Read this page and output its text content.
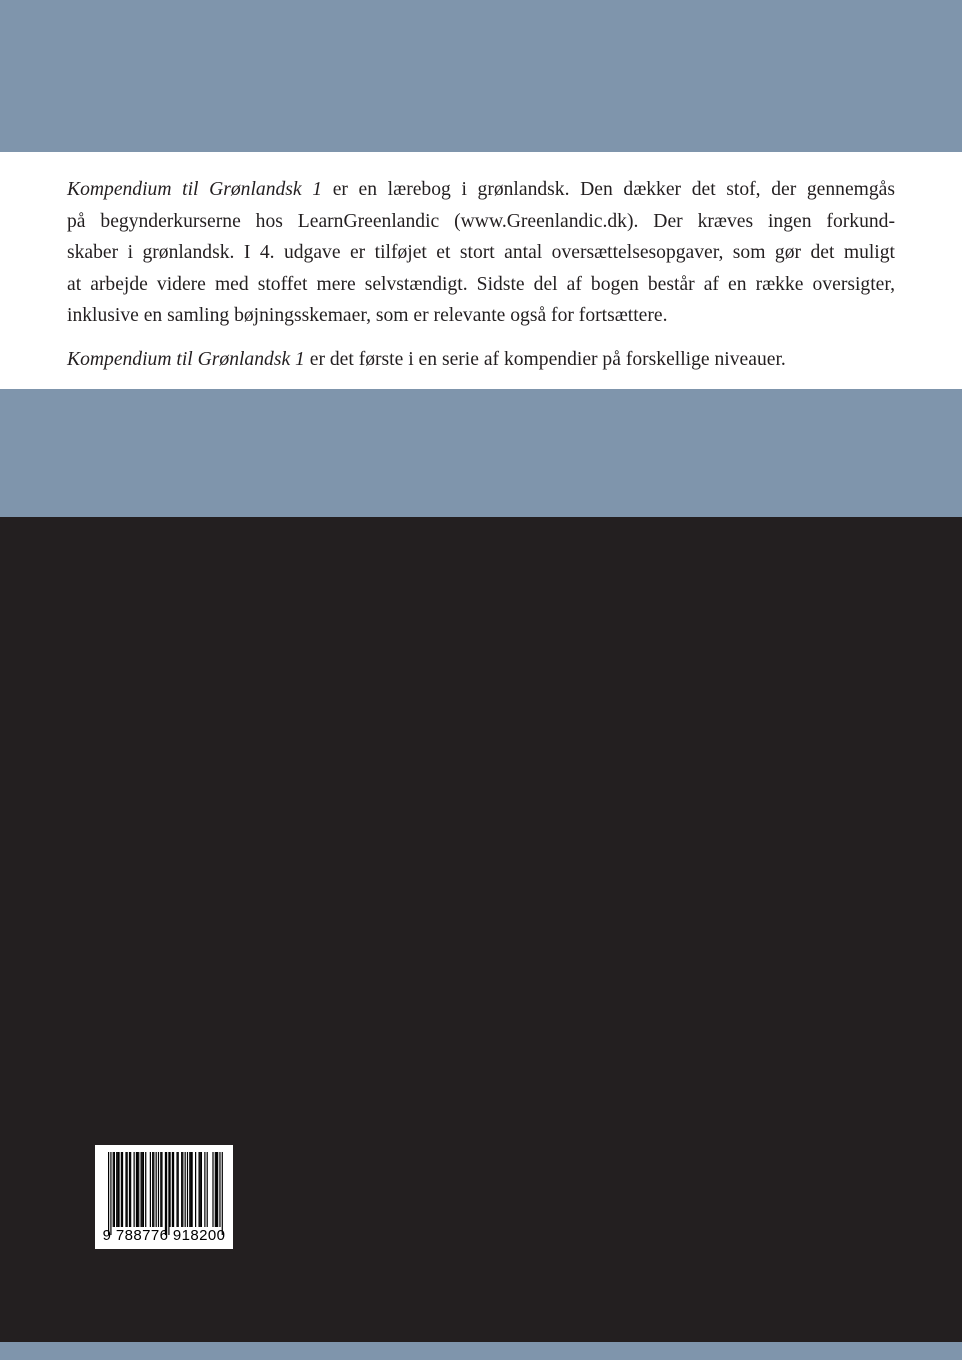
Kompendium til Grønlandsk 1 er en lærebog i grønlandsk. Den dækker det stof, der gennemgås
på begynderkurserne hos LearnGreenlandic (www.Greenlandic.dk). Der kræves ingen forkund-
skaber i grønlandsk. I 4. udgave er tilføjet et stort antal oversættelsesopgaver, som gør det muligt
at arbejde videre med stoffet mere selvstændigt. Sidste del af bogen består af en række oversigter,
inklusive en samling bøjningsskemaer, som er relevante også for fortsættere.

Kompendium til Grønlandsk 1 er det første i en serie af kompendier på forskellige niveauer.

9 788776 918200
